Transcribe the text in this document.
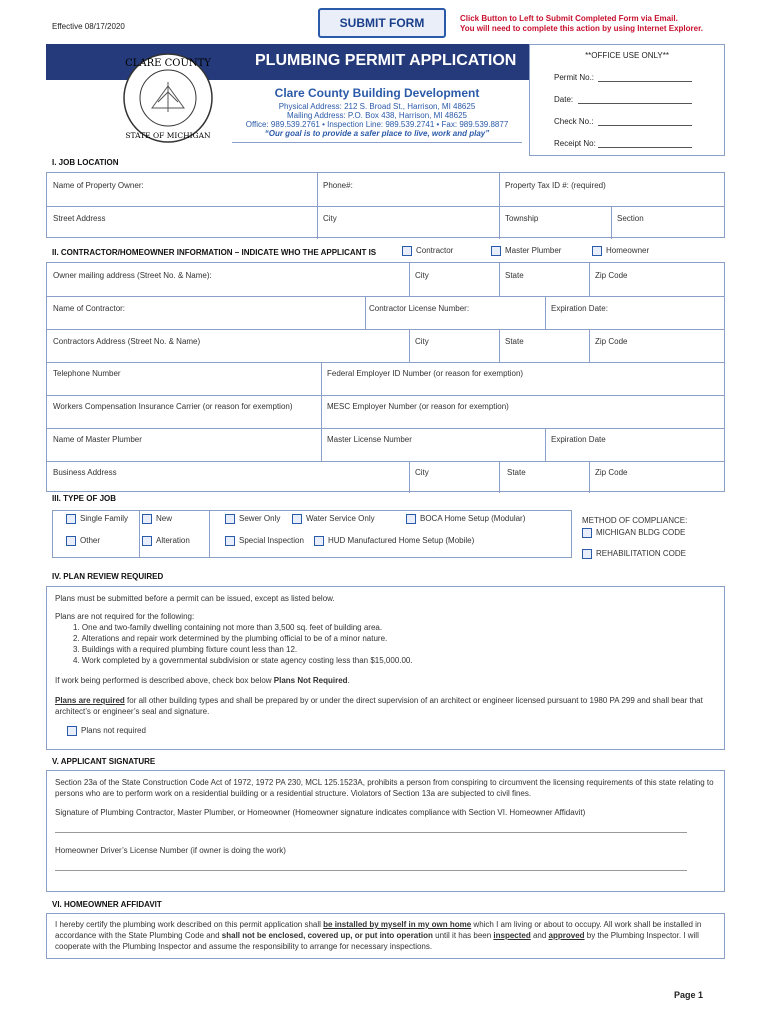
Effective 08/17/2020	SUBMIT FORM	Click Button to Left to Submit Completed Form via Email.
You will need to complete this action by using Internet Explorer.
PLUMBING PERMIT APPLICATION
CLARE COUNTY
STATE OF MICHIGAN
Clare County Building Development
Physical Address: 212 S. Broad St., Harrison, MI 48625
Mailing Address: P.O. Box 438, Harrison, MI 48625
Office: 989.539.2761 • Inspection Line: 989.539.2741 • Fax: 989.539.8877
“Our goal is to provide a safer place to live, work and play”
**OFFICE USE ONLY**
Permit No.:
Date:
Check No.:
Receipt No:
I. JOB LOCATION
Name of Property Owner:	Phone#:	Property Tax ID #: (required)
Street Address	City	Township	Section
II. CONTRACTOR/HOMEOWNER INFORMATION – INDICATE WHO THE APPLICANT IS	Contractor	Master Plumber	Homeowner
Owner mailing address (Street No. & Name):	City	State	Zip Code
Name of Contractor:	Contractor License Number:	Expiration Date:
Contractors Address (Street No. & Name)	City	State	Zip Code
Telephone Number	Federal Employer ID Number (or reason for exemption)
Workers Compensation Insurance Carrier (or reason for exemption)	MESC Employer Number (or reason for exemption)
Name of Master Plumber	Master License Number	Expiration Date
Business Address	City	State	Zip Code
III. TYPE OF JOB
Single Family	New	Sewer Only	Water Service Only	BOCA Home Setup (Modular)
Other	Alteration	Special Inspection	HUD Manufactured Home Setup (Mobile)
METHOD OF COMPLIANCE:
MICHIGAN BLDG CODE
REHABILITATION CODE
IV. PLAN REVIEW REQUIRED
Plans must be submitted before a permit can be issued, except as listed below.
Plans are not required for the following:
1. One and two-family dwelling containing not more than 3,500 sq. feet of building area.
2. Alterations and repair work determined by the plumbing official to be of a minor nature.
3. Buildings with a required plumbing fixture count less than 12.
4. Work completed by a governmental subdivision or state agency costing less than $15,000.00.
If work being performed is described above, check box below Plans Not Required.
Plans are required for all other building types and shall be prepared by or under the direct supervision of an architect or engineer licensed pursuant to 1980 PA 299 and shall bear that architect’s or engineer’s seal and signature.
Plans not required
V. APPLICANT SIGNATURE
Section 23a of the State Construction Code Act of 1972, 1972 PA 230, MCL 125.1523A, prohibits a person from conspiring to circumvent the licensing requirements of this state relating to persons who are to perform work on a residential building or a residential structure. Violators of Section 13a are subjected to civil fines.
Signature of Plumbing Contractor, Master Plumber, or Homeowner (Homeowner signature indicates compliance with Section VI. Homeowner Affidavit)
Homeowner Driver’s License Number (if owner is doing the work)
VI. HOMEOWNER AFFIDAVIT
I hereby certify the plumbing work described on this permit application shall be installed by myself in my own home which I am living or about to occupy. All work shall be installed in accordance with the State Plumbing Code and shall not be enclosed, covered up, or put into operation until it has been inspected and approved by the Plumbing Inspector. I will cooperate with the Plumbing Inspector and assume the responsibility to arrange for necessary inspections.
Page 1
